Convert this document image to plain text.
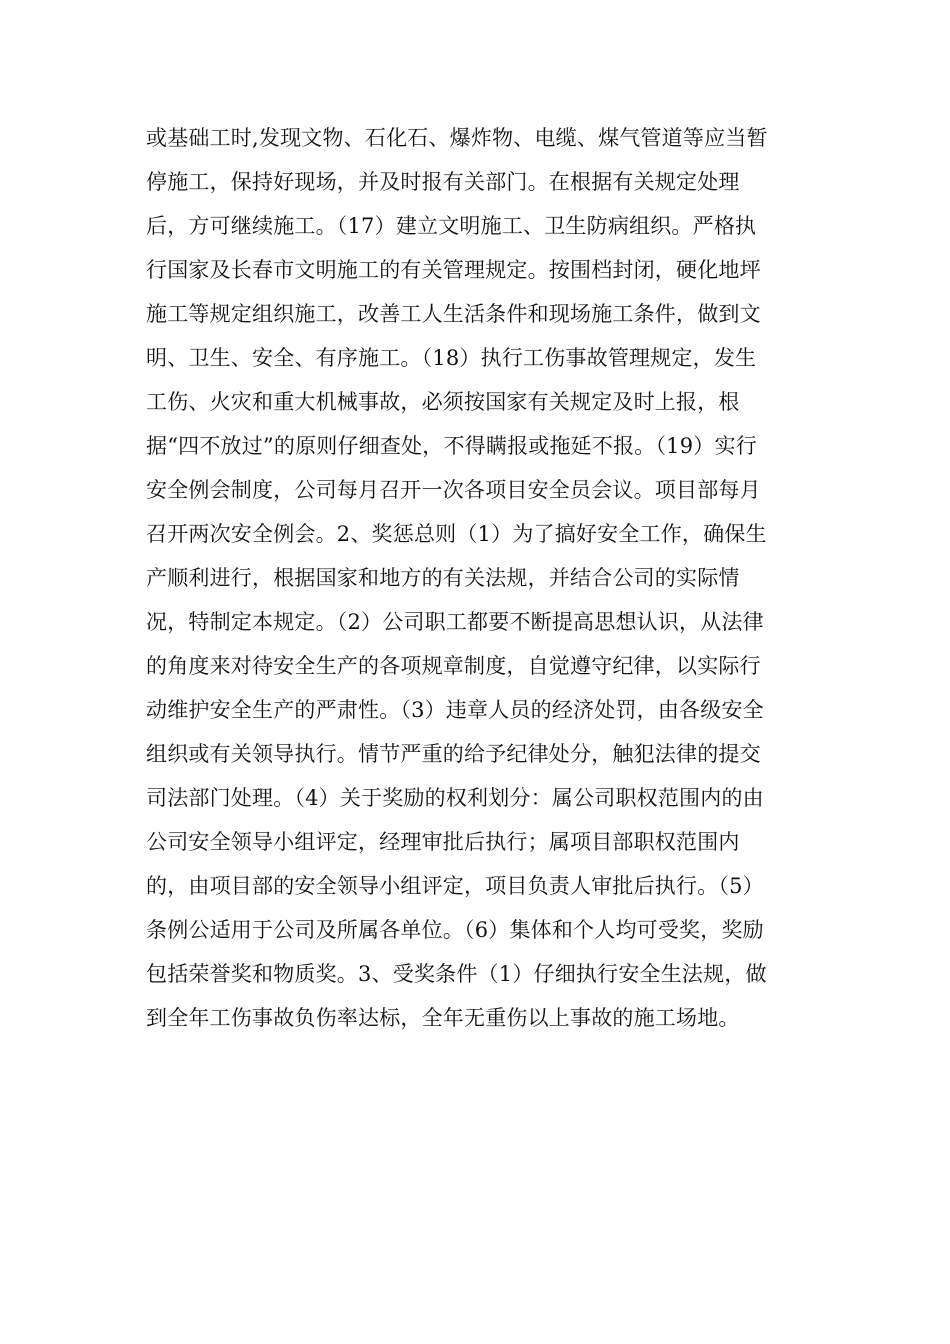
或基础工时,发现文物、石化石、爆炸物、电缆、煤气管道等应当暂
停施工，保持好现场，并及时报有关部门。在根据有关规定处理
后，方可继续施工。（17）建立文明施工、卫生防病组织。严格执
行国家及长春市文明施工的有关管理规定。按围档封闭，硬化地坪
施工等规定组织施工，改善工人生活条件和现场施工条件，做到文
明、卫生、安全、有序施工。（18）执行工伤事故管理规定，发生
工伤、火灾和重大机械事故，必须按国家有关规定及时上报，根
据“四不放过”的原则仔细查处，不得瞒报或拖延不报。（19）实行
安全例会制度，公司每月召开一次各项目安全员会议。项目部每月
召开两次安全例会。2、奖惩总则（1）为了搞好安全工作，确保生
产顺利进行，根据国家和地方的有关法规，并结合公司的实际情
况，特制定本规定。（2）公司职工都要不断提高思想认识，从法律
的角度来对待安全生产的各项规章制度，自觉遵守纪律，以实际行
动维护安全生产的严肃性。（3）违章人员的经济处罚，由各级安全
组织或有关领导执行。情节严重的给予纪律处分，触犯法律的提交
司法部门处理。（4）关于奖励的权利划分：属公司职权范围内的由
公司安全领导小组评定，经理审批后执行；属项目部职权范围内
的，由项目部的安全领导小组评定，项目负责人审批后执行。（5）
条例公适用于公司及所属各单位。（6）集体和个人均可受奖，奖励
包括荣誉奖和物质奖。3、受奖条件（1）仔细执行安全生法规，做
到全年工伤事故负伤率达标，全年无重伤以上事故的施工场地。
